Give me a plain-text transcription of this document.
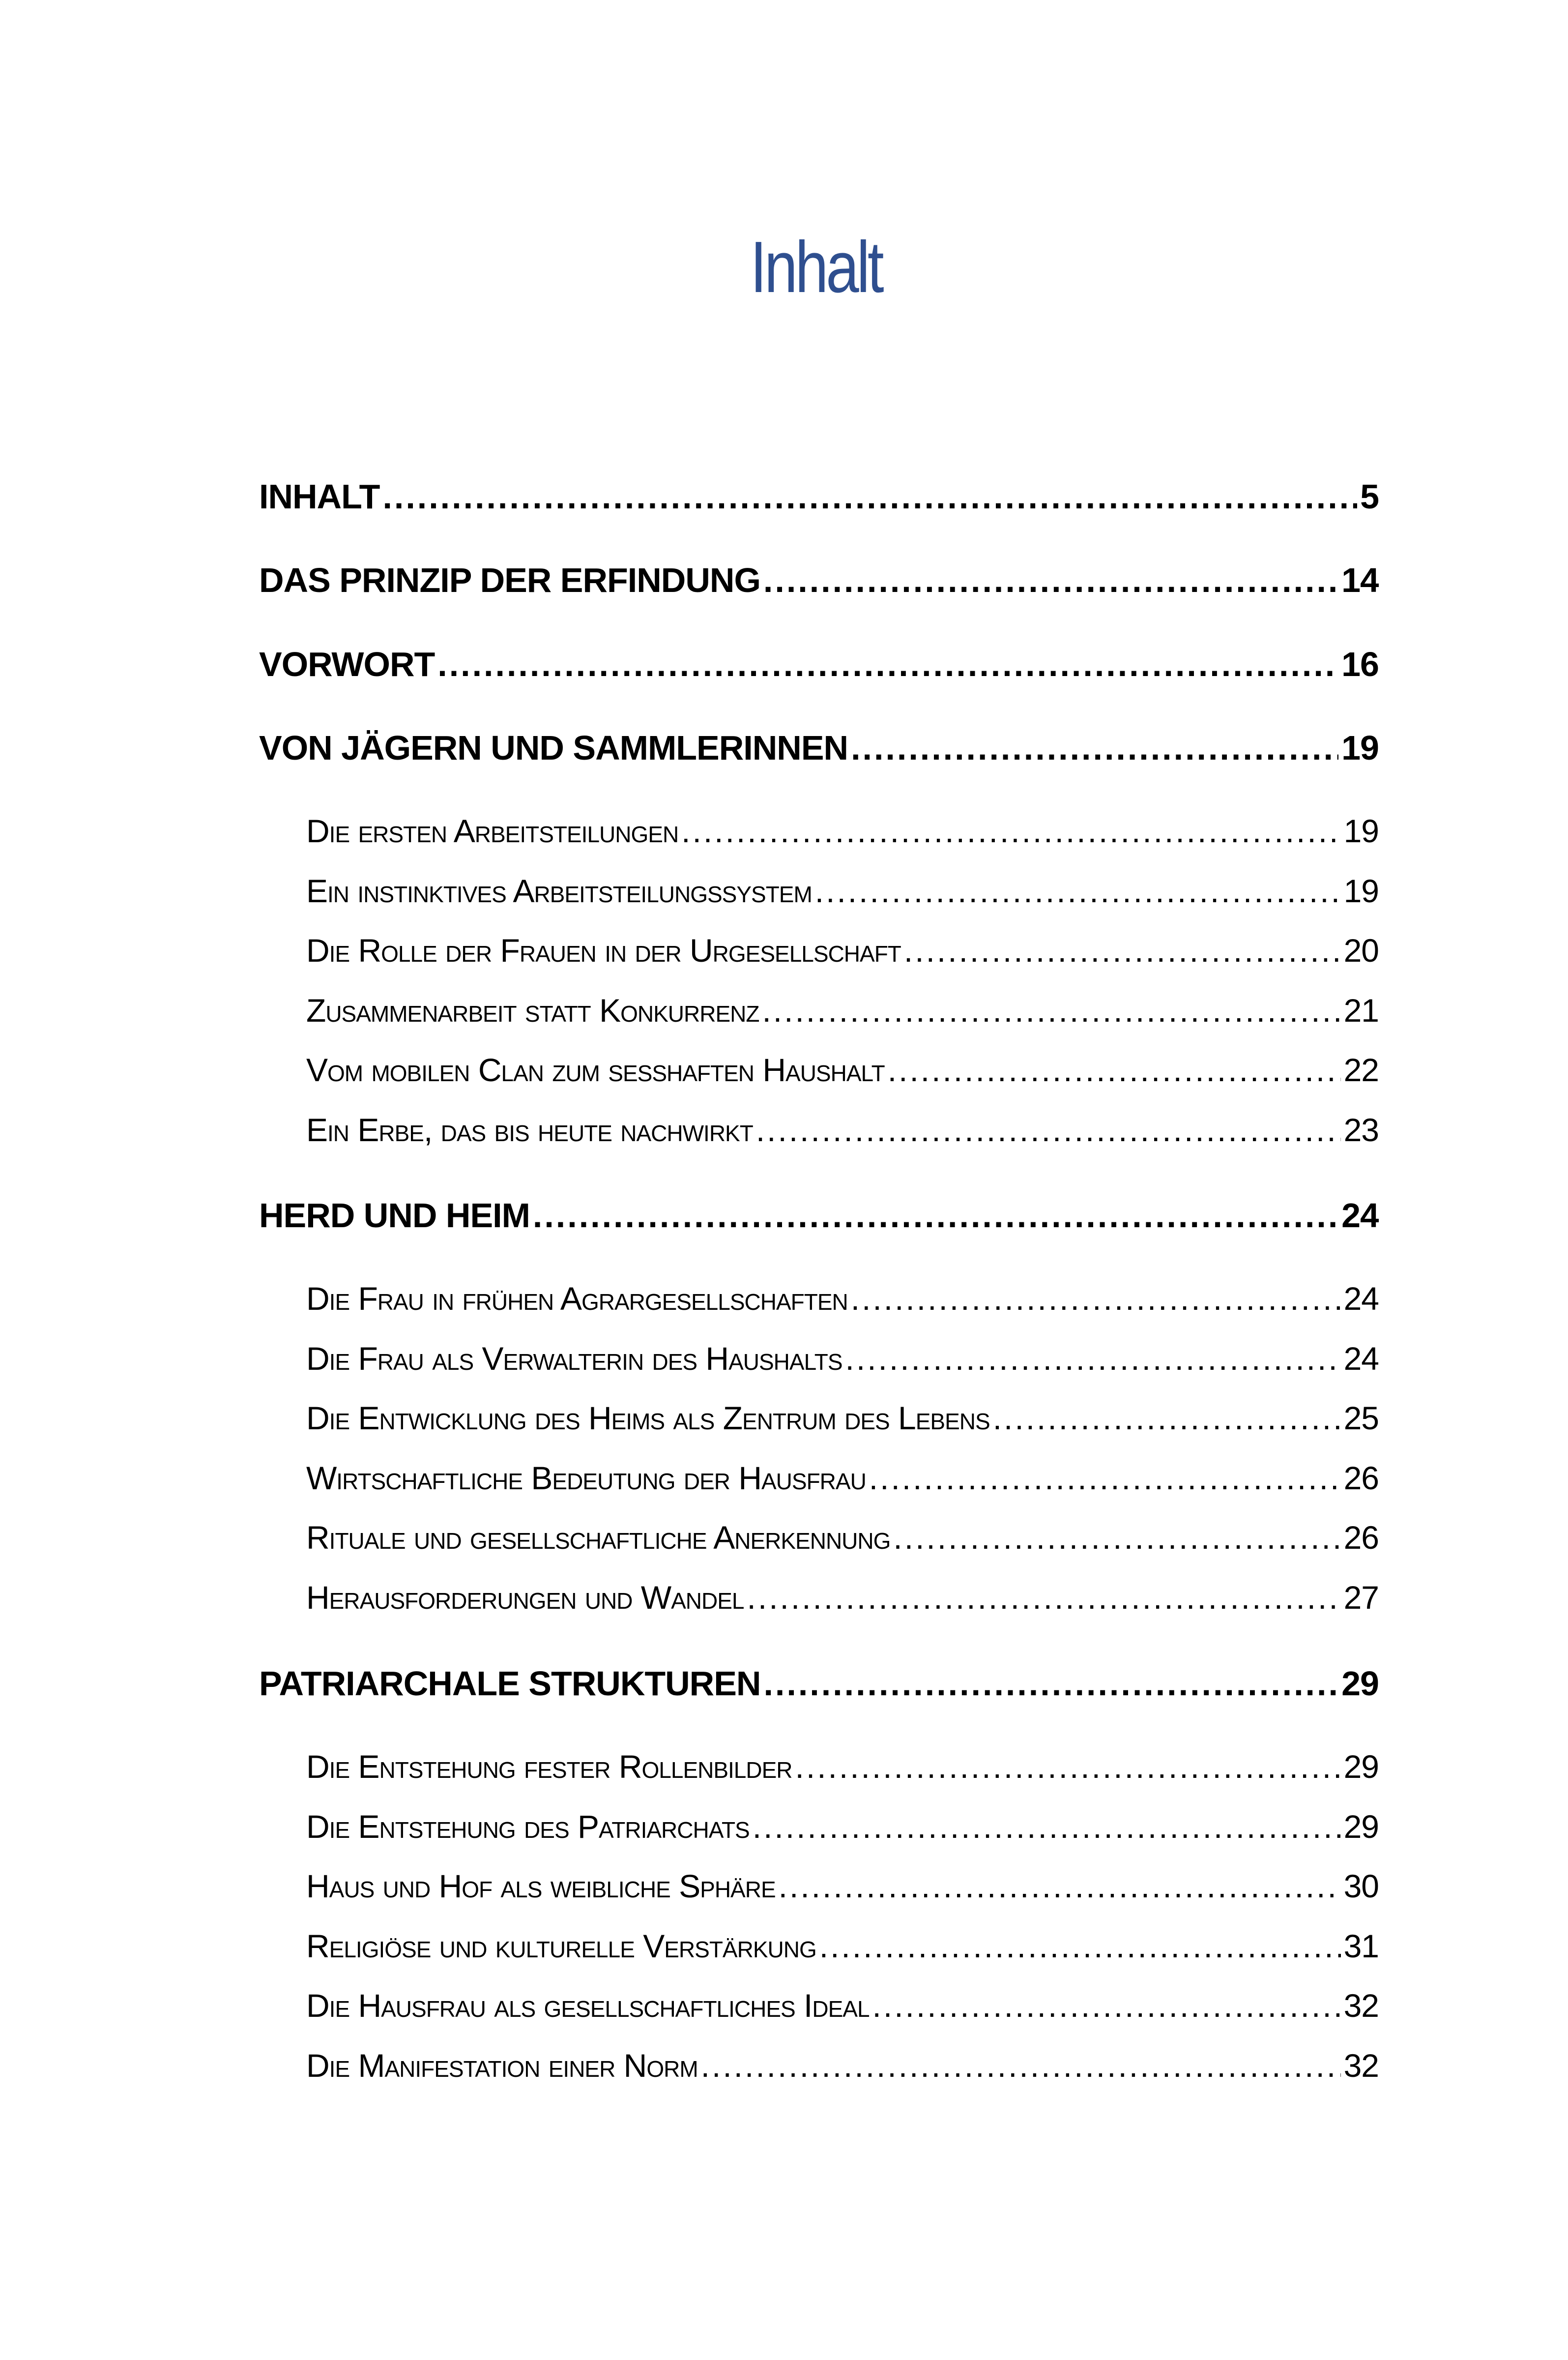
Inhalt
INHALT .....	5
DAS PRINZIP DER ERFINDUNG .....	14
VORWORT .....	16
VON JÄGERN UND SAMMLERINNEN .....	19
Die ersten Arbeitsteilungen .....	19
Ein instinktives Arbeitsteilungssystem .....	19
Die Rolle der Frauen in der Urgesellschaft .....	20
Zusammenarbeit statt Konkurrenz .....	21
Vom mobilen Clan zum sesshaften Haushalt .....	22
Ein Erbe, das bis heute nachwirkt .....	23
HERD UND HEIM .....	24
Die Frau in frühen Agrargesellschaften .....	24
Die Frau als Verwalterin des Haushalts .....	24
Die Entwicklung des Heims als Zentrum des Lebens .....	25
Wirtschaftliche Bedeutung der Hausfrau .....	26
Rituale und gesellschaftliche Anerkennung .....	26
Herausforderungen und Wandel .....	27
PATRIARCHALE STRUKTUREN .....	29
Die Entstehung fester Rollenbilder .....	29
Die Entstehung des Patriarchats .....	29
Haus und Hof als weibliche Sphäre .....	30
Religiöse und kulturelle Verstärkung .....	31
Die Hausfrau als gesellschaftliches Ideal .....	32
Die Manifestation einer Norm .....	32
